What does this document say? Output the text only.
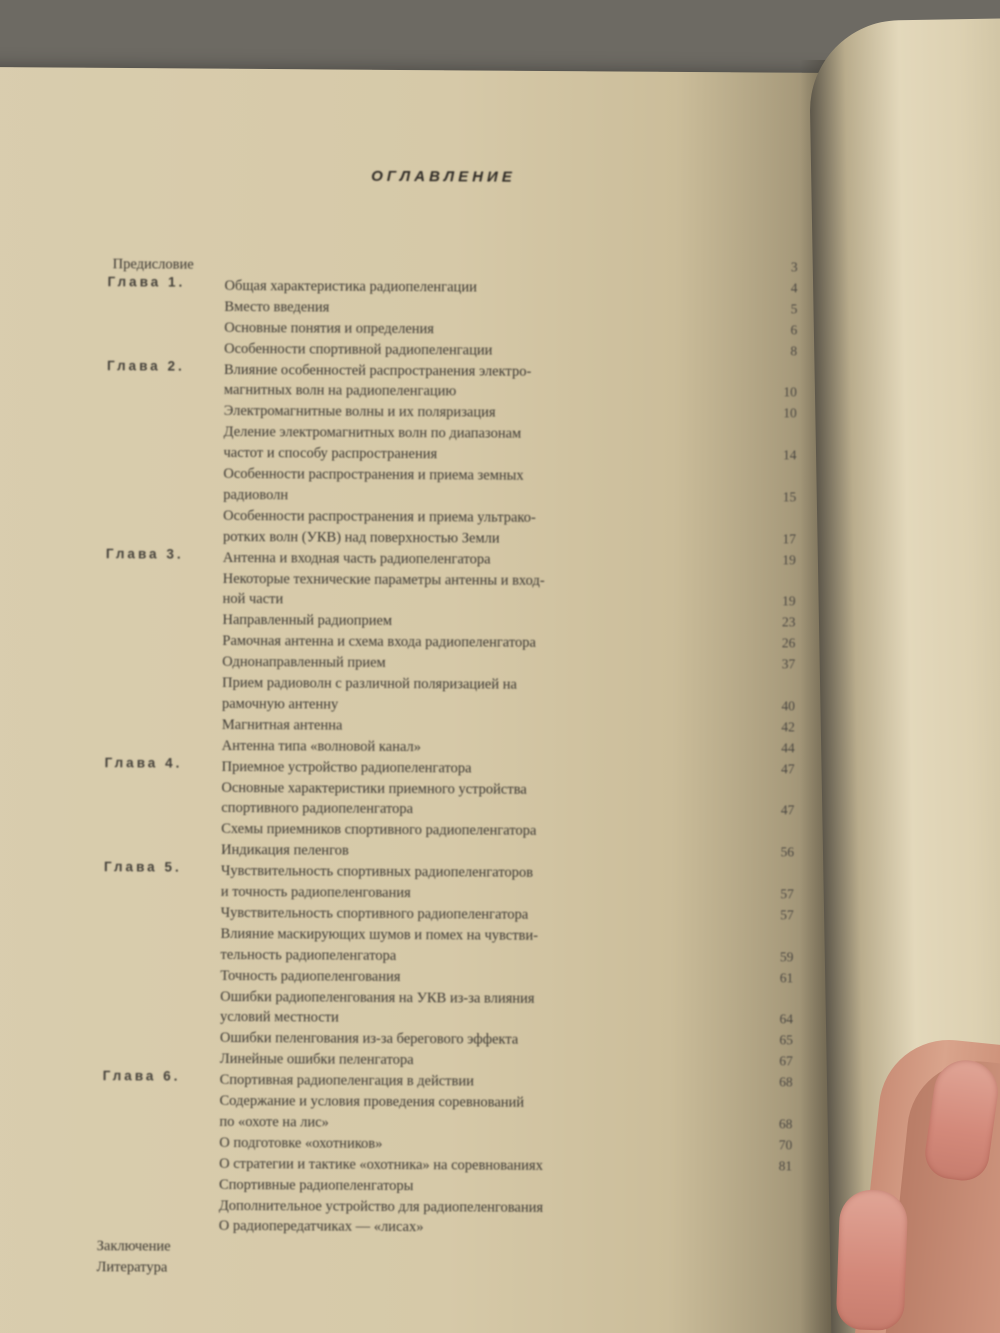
ОГЛАВЛЕНИЕ
Предисловие	3
Глава 1.	Общая характеристика радиопеленгации	4
Вместо введения	5
Основные понятия и определения	6
Особенности спортивной радиопеленгации	8
Глава 2.	Влияние особенностей распространения электро-
магнитных волн на радиопеленгацию	10
Электромагнитные волны и их поляризация	10
Деление электромагнитных волн по диапазонам
частот и способу распространения	14
Особенности распространения и приема земных
радиоволн	15
Особенности распространения и приема ультрако-
ротких волн (УКВ) над поверхностью Земли	17
Глава 3.	Антенна и входная часть радиопеленгатора	19
Некоторые технические параметры антенны и вход-
ной части	19
Направленный радиоприем	23
Рамочная антенна и схема входа радиопеленгатора	26
Однонаправленный прием	37
Прием радиоволн с различной поляризацией на
рамочную антенну	40
Магнитная антенна	42
Антенна типа «волновой канал»	44
Глава 4.	Приемное устройство радиопеленгатора	47
Основные характеристики приемного устройства
спортивного радиопеленгатора	47
Схемы приемников спортивного радиопеленгатора
Индикация пеленгов	56
Глава 5.	Чувствительность спортивных радиопеленгаторов
и точность радиопеленгования	57
Чувствительность спортивного радиопеленгатора	57
Влияние маскирующих шумов и помех на чувстви-
тельность радиопеленгатора	59
Точность радиопеленгования	61
Ошибки радиопеленгования на УКВ из-за влияния
условий местности	64
Ошибки пеленгования из-за берегового эффекта	65
Линейные ошибки пеленгатора	67
Глава 6.	Спортивная радиопеленгация в действии	68
Содержание и условия проведения соревнований
по «охоте на лис»	68
О подготовке «охотников»	70
О стратегии и тактике «охотника» на соревнованиях	81
Спортивные радиопеленгаторы
Дополнительное устройство для радиопеленгования
О радиопередатчиках — «лисах»
Заключение
Литература
